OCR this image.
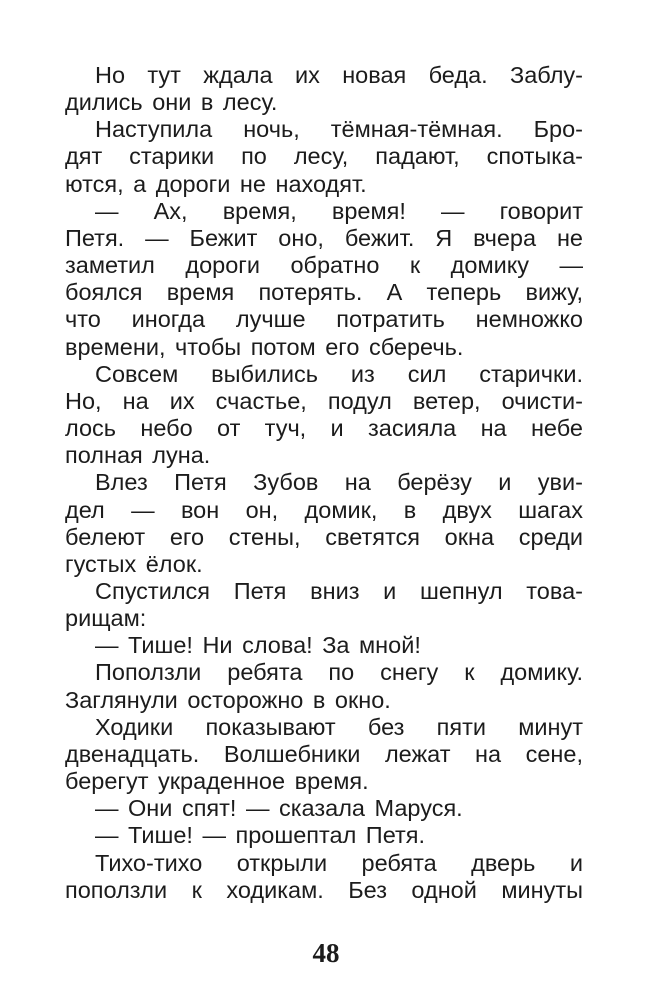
Но тут ждала их новая беда. Заблу-
дились они в лесу.
Наступила ночь, тёмная-тёмная. Бро-
дят старики по лесу, падают, спотыка-
ются, а дороги не находят.
— Ах, время, время! — говорит
Петя. — Бежит оно, бежит. Я вчера не
заметил дороги обратно к домику —
боялся время потерять. А теперь вижу,
что иногда лучше потратить немножко
времени, чтобы потом его сберечь.
Совсем выбились из сил старички.
Но, на их счастье, подул ветер, очисти-
лось небо от туч, и засияла на небе
полная луна.
Влез Петя Зубов на берёзу и уви-
дел — вон он, домик, в двух шагах
белеют его стены, светятся окна среди
густых ёлок.
Спустился Петя вниз и шепнул това-
рищам:
— Тише! Ни слова! За мной!
Поползли ребята по снегу к домику.
Заглянули осторожно в окно.
Ходики показывают без пяти минут
двенадцать. Волшебники лежат на сене,
берегут украденное время.
— Они спят! — сказала Маруся.
— Тише! — прошептал Петя.
Тихо-тихо открыли ребята дверь и
поползли к ходикам. Без одной минуты
48
